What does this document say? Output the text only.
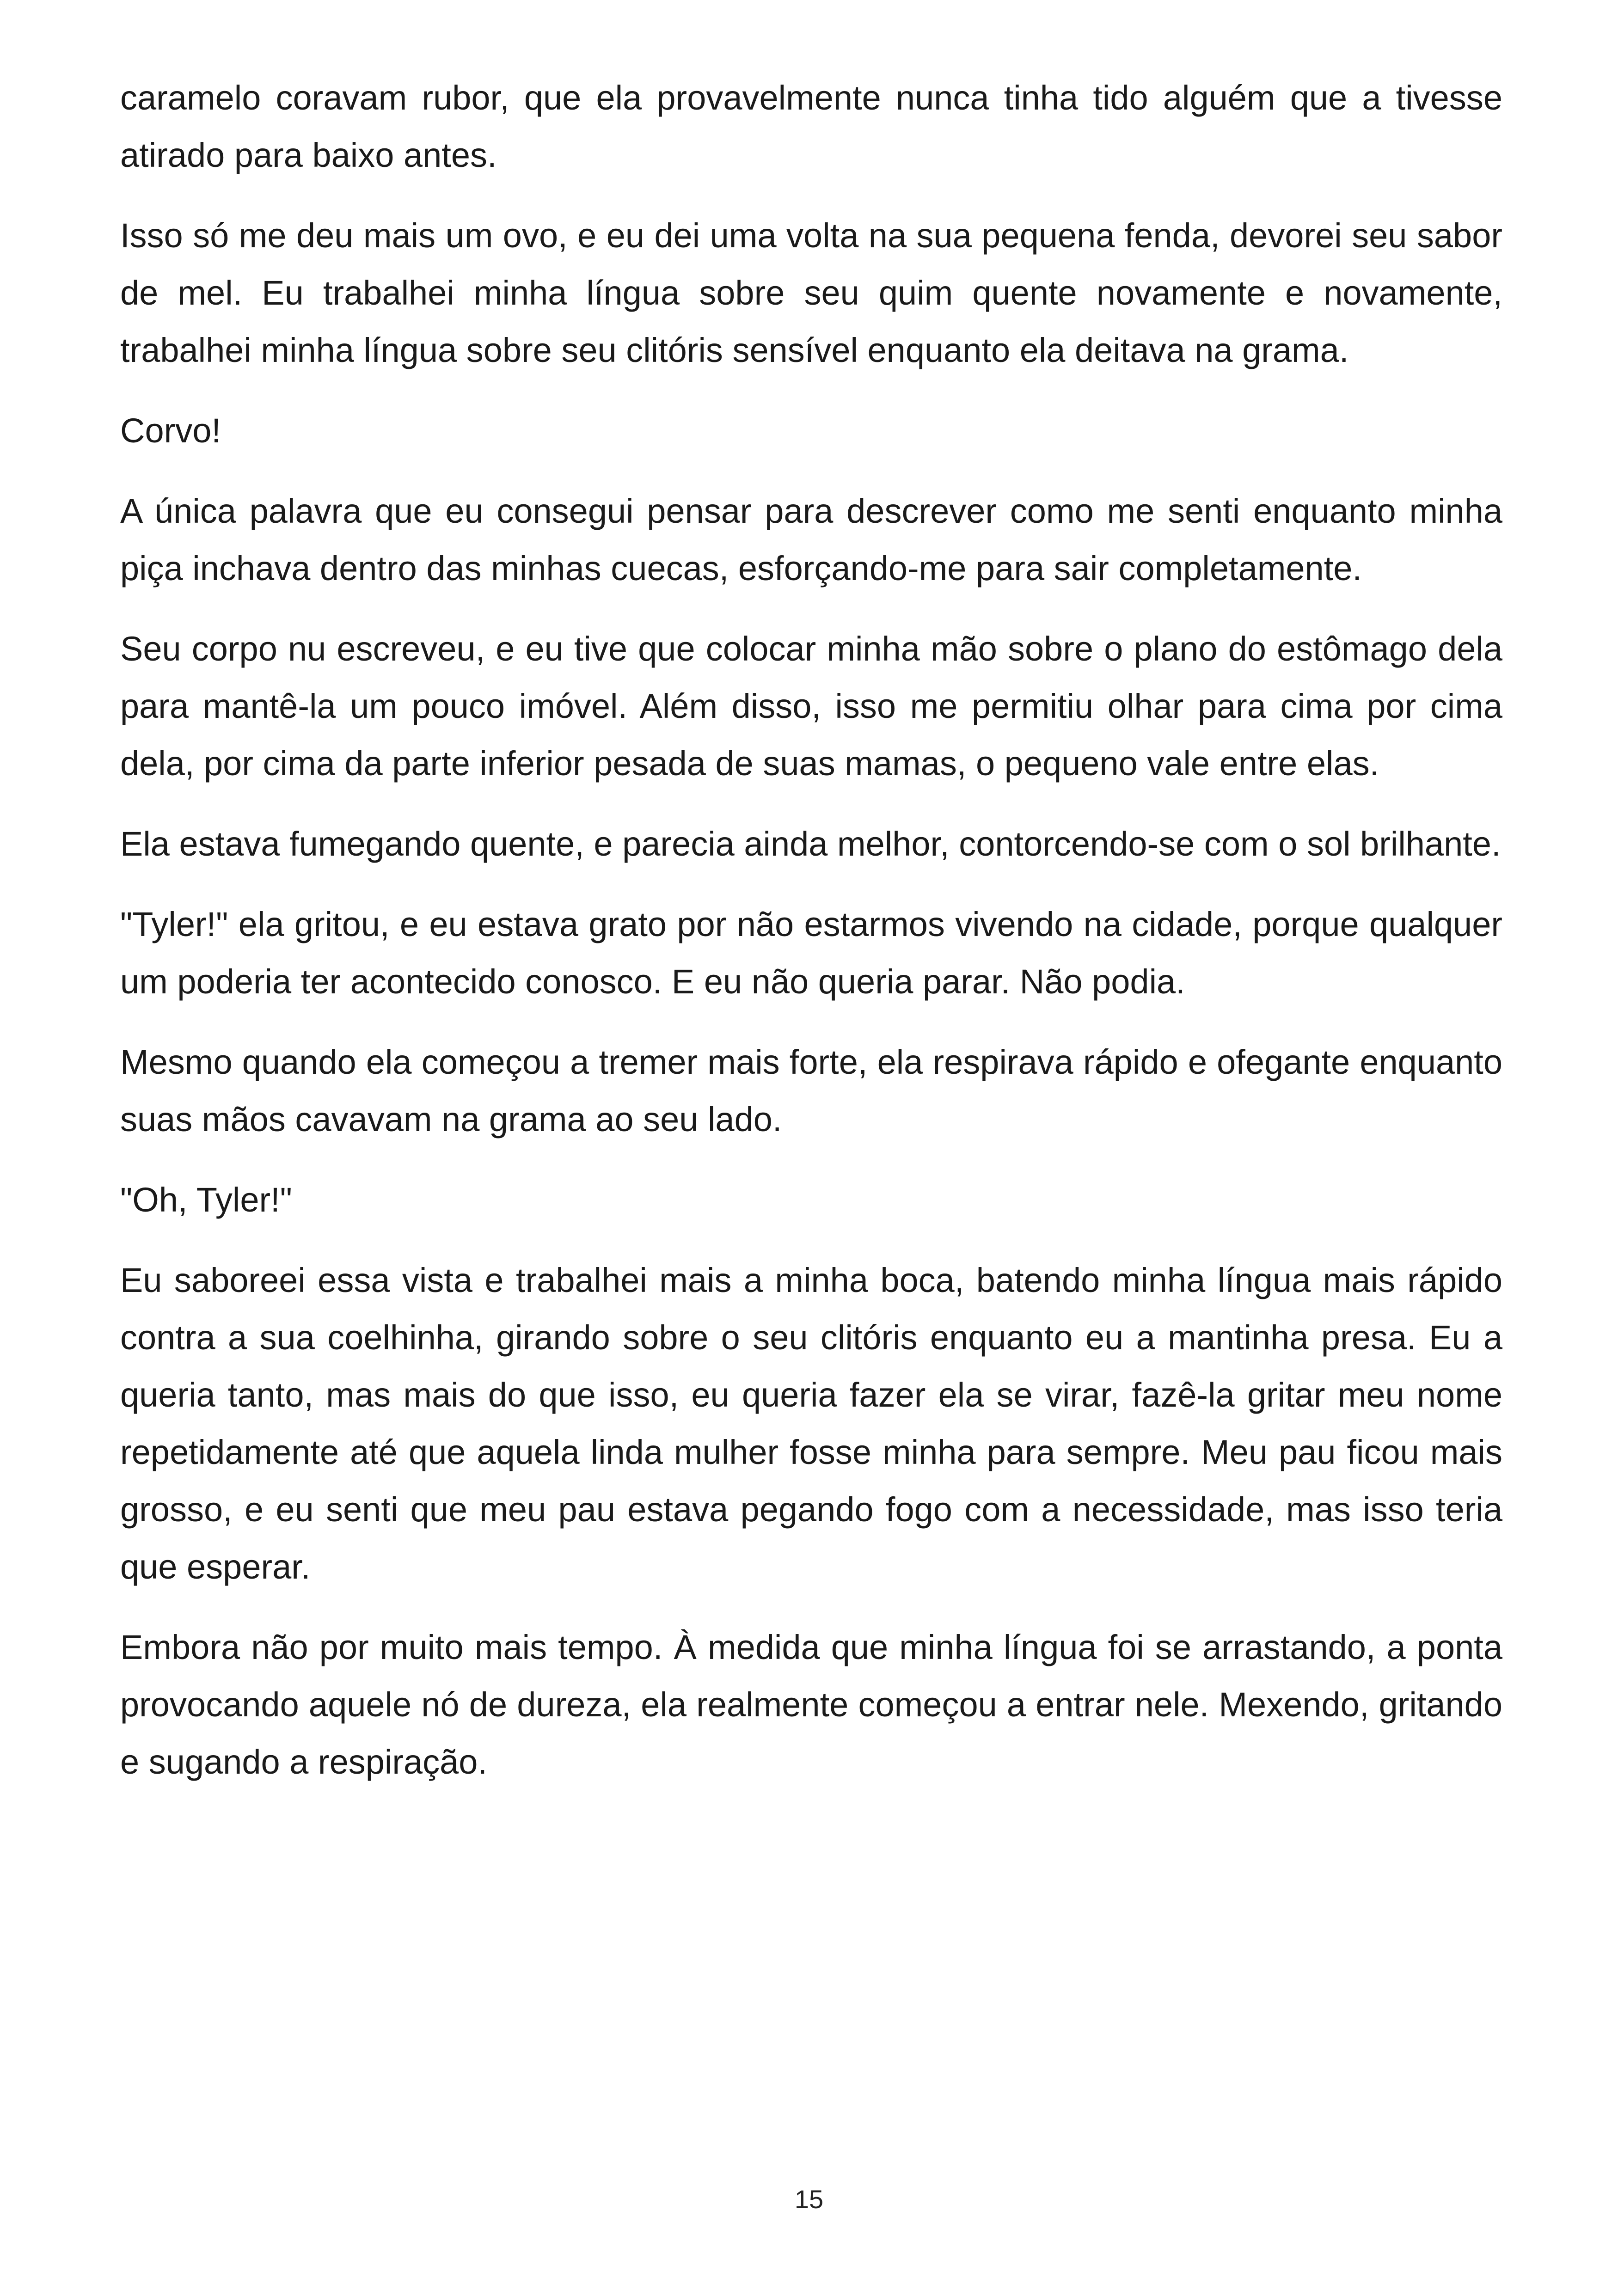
caramelo coravam rubor, que ela provavelmente nunca tinha tido alguém que a tivesse atirado para baixo antes.

Isso só me deu mais um ovo, e eu dei uma volta na sua pequena fenda, devorei seu sabor de mel. Eu trabalhei minha língua sobre seu quim quente novamente e novamente, trabalhei minha língua sobre seu clitóris sensível enquanto ela deitava na grama.

Corvo!

A única palavra que eu consegui pensar para descrever como me senti enquanto minha piça inchava dentro das minhas cuecas, esforçando-me para sair completamente.

Seu corpo nu escreveu, e eu tive que colocar minha mão sobre o plano do estômago dela para mantê-la um pouco imóvel. Além disso, isso me permitiu olhar para cima por cima dela, por cima da parte inferior pesada de suas mamas, o pequeno vale entre elas.

Ela estava fumegando quente, e parecia ainda melhor, contorcendo-se com o sol brilhante.

"Tyler!" ela gritou, e eu estava grato por não estarmos vivendo na cidade, porque qualquer um poderia ter acontecido conosco. E eu não queria parar. Não podia.

Mesmo quando ela começou a tremer mais forte, ela respirava rápido e ofegante enquanto suas mãos cavavam na grama ao seu lado.

"Oh, Tyler!"

Eu saboreei essa vista e trabalhei mais a minha boca, batendo minha língua mais rápido contra a sua coelhinha, girando sobre o seu clitóris enquanto eu a mantinha presa. Eu a queria tanto, mas mais do que isso, eu queria fazer ela se virar, fazê-la gritar meu nome repetidamente até que aquela linda mulher fosse minha para sempre. Meu pau ficou mais grosso, e eu senti que meu pau estava pegando fogo com a necessidade, mas isso teria que esperar.

Embora não por muito mais tempo. À medida que minha língua foi se arrastando, a ponta provocando aquele nó de dureza, ela realmente começou a entrar nele. Mexendo, gritando e sugando a respiração.

15
